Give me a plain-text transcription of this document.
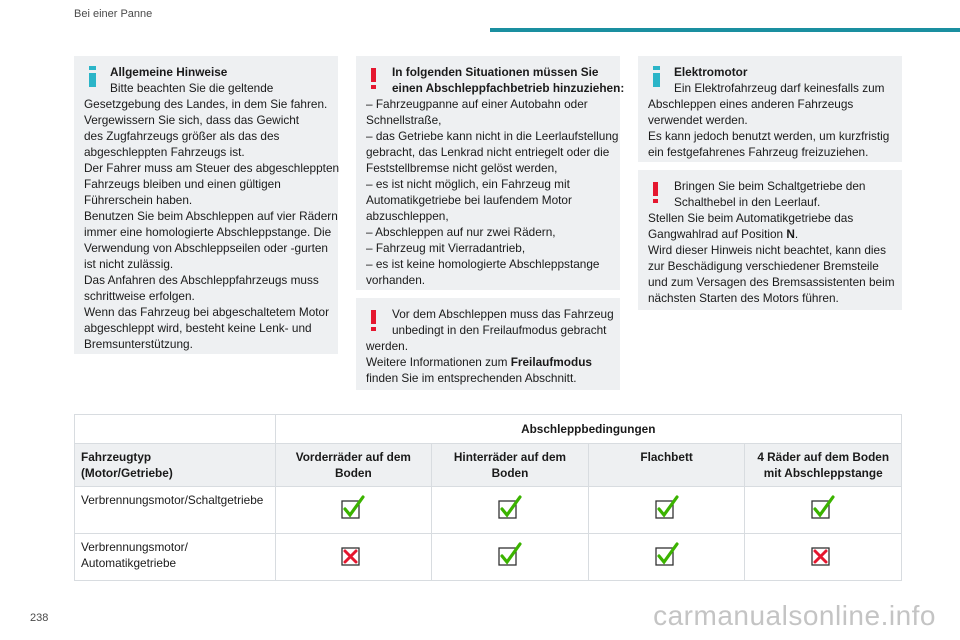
Bei einer Panne
Allgemeine Hinweise
Bitte beachten Sie die geltende
Gesetzgebung des Landes, in dem Sie fahren.
Vergewissern Sie sich, dass das Gewicht
des Zugfahrzeugs größer als das des
abgeschleppten Fahrzeugs ist.
Der Fahrer muss am Steuer des abgeschleppten
Fahrzeugs bleiben und einen gültigen
Führerschein haben.
Benutzen Sie beim Abschleppen auf vier Rädern
immer eine homologierte Abschleppstange. Die
Verwendung von Abschleppseilen oder -gurten
ist nicht zulässig.
Das Anfahren des Abschleppfahrzeugs muss
schrittweise erfolgen.
Wenn das Fahrzeug bei abgeschaltetem Motor
abgeschleppt wird, besteht keine Lenk- und
Bremsunterstützung.
In folgenden Situationen müssen Sie
einen Abschleppfachbetrieb hinzuziehen:
– Fahrzeugpanne auf einer Autobahn oder
Schnellstraße,
– das Getriebe kann nicht in die Leerlaufstellung
gebracht, das Lenkrad nicht entriegelt oder die
Feststellbremse nicht gelöst werden,
– es ist nicht möglich, ein Fahrzeug mit
Automatikgetriebe bei laufendem Motor
abzuschleppen,
– Abschleppen auf nur zwei Rädern,
– Fahrzeug mit Vierradantrieb,
– es ist keine homologierte Abschleppstange
vorhanden.
Vor dem Abschleppen muss das Fahrzeug
unbedingt in den Freilaufmodus gebracht
werden.
Weitere Informationen zum Freilaufmodus
finden Sie im entsprechenden Abschnitt.
Elektromotor
Ein Elektrofahrzeug darf keinesfalls zum
Abschleppen eines anderen Fahrzeugs
verwendet werden.
Es kann jedoch benutzt werden, um kurzfristig
ein festgefahrenes Fahrzeug freizuziehen.
Bringen Sie beim Schaltgetriebe den
Schalthebel in den Leerlauf.
Stellen Sie beim Automatikgetriebe das
Gangwahlrad auf Position N.
Wird dieser Hinweis nicht beachtet, kann dies
zur Beschädigung verschiedener Bremsteile
und zum Versagen des Bremsassistenten beim
nächsten Starten des Motors führen.
Abschleppbedingungen
Fahrzeugtyp
(Motor/Getriebe)
Vorderräder auf dem
Boden
Hinterräder auf dem
Boden
Flachbett	4 Räder auf dem Boden
mit Abschleppstange
Verbrennungsmotor/Schaltgetriebe
Verbrennungsmotor/
Automatikgetriebe
238	carmanualsonline.info
